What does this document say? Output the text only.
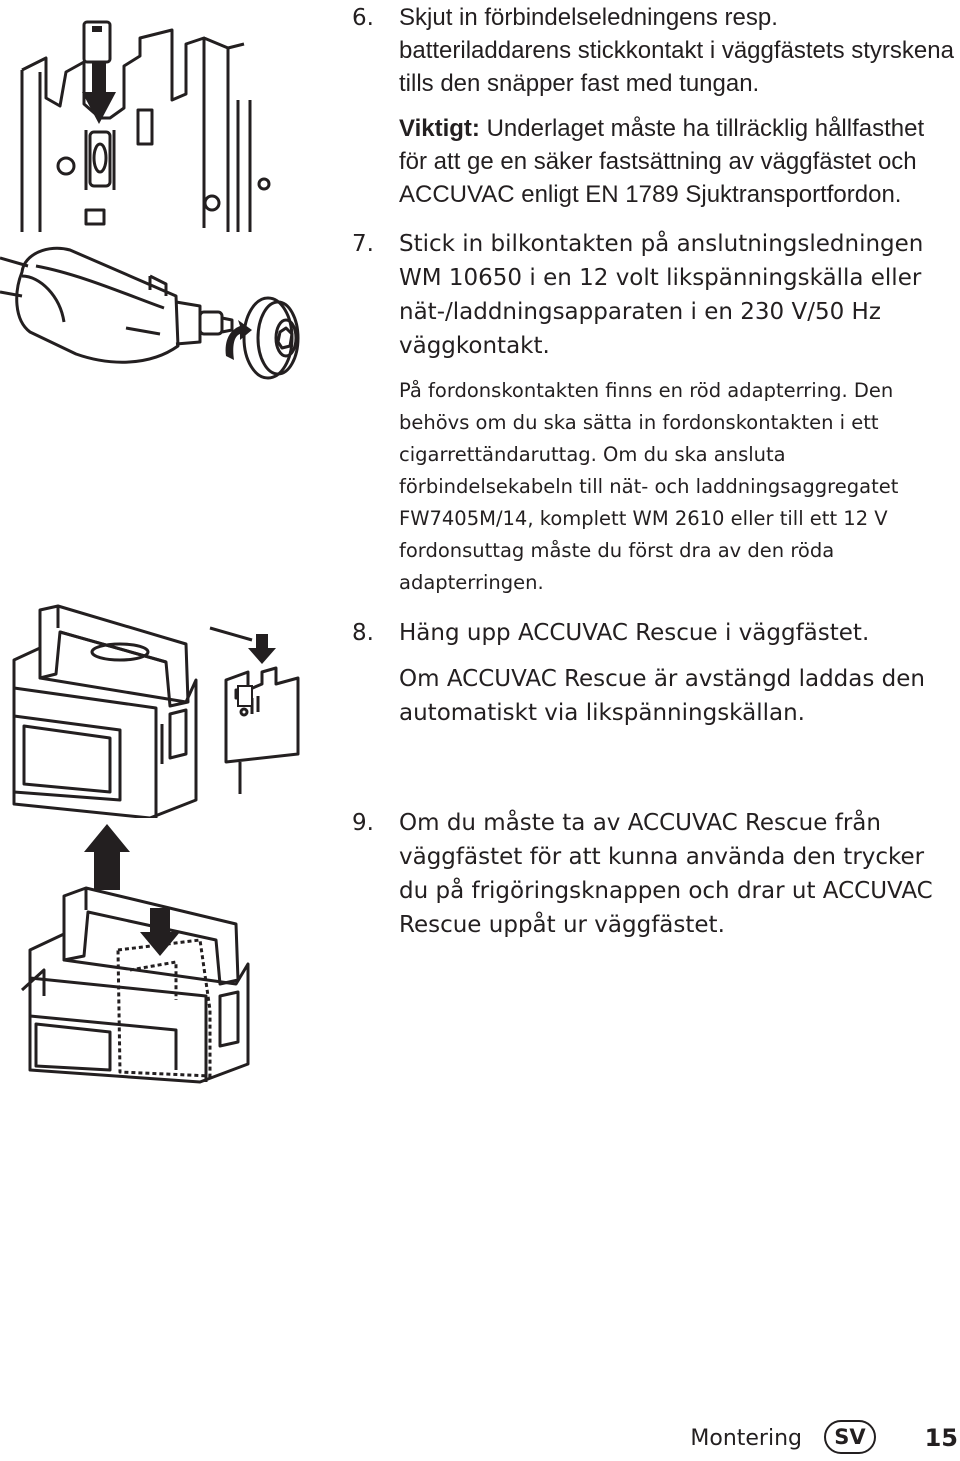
6. Skjut in förbindelseledningens resp. batteriladdarens stickkontakt i väggfästets styrskena tills den snäpper fast med tungan.

Viktigt: Underlaget måste ha tillräcklig hållfasthet för att ge en säker fastsättning av väggfästet och ACCUVAC enligt EN 1789 Sjuktransportfordon.

7. Stick in bilkontakten på anslutningsledningen WM 10650 i en 12 volt likspänningskälla eller nät-/laddningsapparaten i en 230 V/50 Hz väggkontakt.

På fordonskontakten finns en röd adapterring. Den behövs om du ska sätta in fordonskontakten i ett cigarrettändaruttag. Om du ska ansluta förbindelsekabeln till nät- och laddningsaggregatet FW7405M/14, komplett WM 2610 eller till ett 12 V fordonsuttag måste du först dra av den röda adapterringen.

8. Häng upp ACCUVAC Rescue i väggfästet.

Om ACCUVAC Rescue är avstängd laddas den automatiskt via likspänningskällan.

9. Om du måste ta av ACCUVAC Rescue från väggfästet för att kunna använda den trycker du på frigöringsknappen och drar ut ACCUVAC Rescue uppåt ur väggfästet.

Montering	SV	15
